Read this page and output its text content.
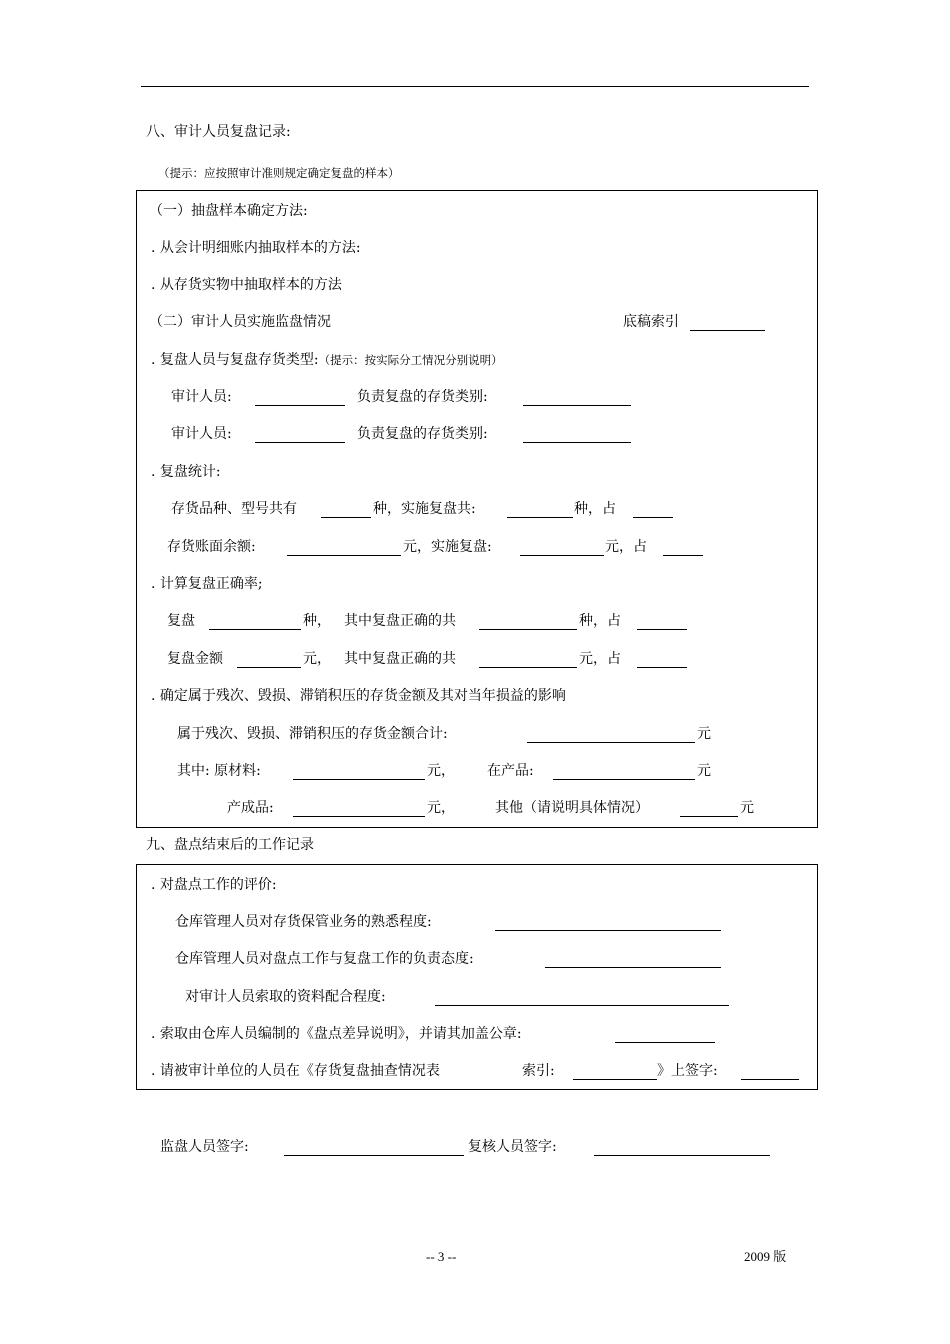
八、审计人员复盘记录:
（提示：应按照审计准则规定确定复盘的样本）
（一）抽盘样本确定方法:
. 从会计明细账内抽取样本的方法:
. 从存货实物中抽取样本的方法
（二）审计人员实施监盘情况	底稿索引
. 复盘人员与复盘存货类型:（提示：按实际分工情况分别说明）
审计人员:	负责复盘的存货类别:
审计人员:	负责复盘的存货类别:
. 复盘统计:
存货品种、型号共有	种，实施复盘共:	种，占
存货账面余额:	元，实施复盘:	元，占
. 计算复盘正确率;
复盘	种， 其中复盘正确的共	种，占
复盘金额	元， 其中复盘正确的共	元，占
. 确定属于残次、毁损、滞销积压的存货金额及其对当年损益的影响
属于残次、毁损、滞销积压的存货金额合计:	元
其中: 原材料:	元， 在产品:	元
产成品:	元，	其他（请说明具体情况）	元
九、盘点结束后的工作记录
. 对盘点工作的评价:
仓库管理人员对存货保管业务的熟悉程度:
仓库管理人员对盘点工作与复盘工作的负责态度:
对审计人员索取的资料配合程度:
. 索取由仓库人员编制的《盘点差异说明》，并请其加盖公章:
. 请被审计单位的人员在《存货复盘抽查情况表	索引:	》上签字:
监盘人员签字:	复核人员签字:
-- 3 --	2009 版
